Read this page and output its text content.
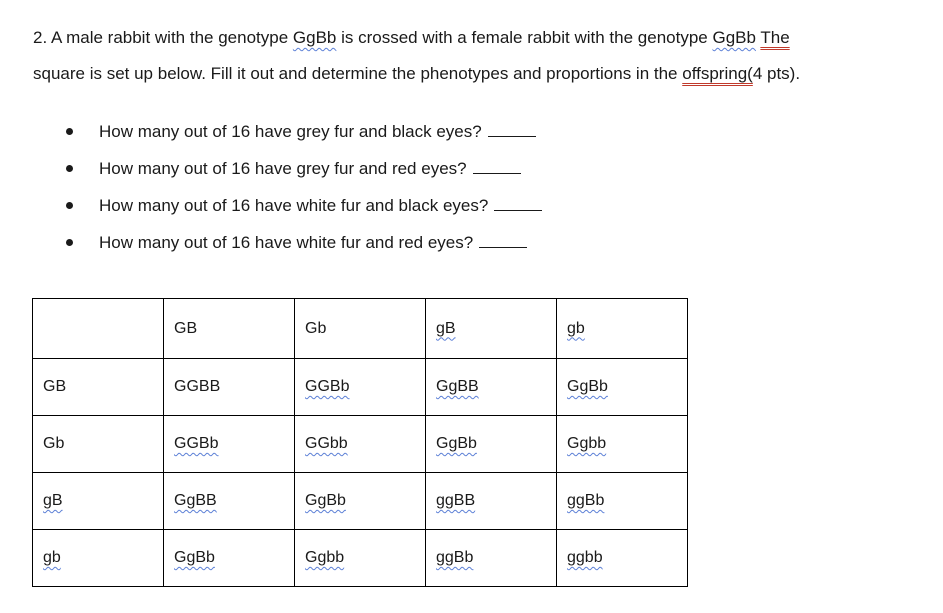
2. A male rabbit with the genotype GgBb is crossed with a female rabbit with the genotype GgBb The

square is set up below. Fill it out and determine the phenotypes and proportions in the offspring(4 pts).

How many out of 16 have grey fur and black eyes?
How many out of 16 have grey fur and red eyes?
How many out of 16 have white fur and black eyes?
How many out of 16 have white fur and red eyes?
	GB	Gb	gB	gb
GB	GGBB	GGBb	GgBB	GgBb
Gb	GGBb	GGbb	GgBb	Ggbb
gB	GgBB	GgBb	ggBB	ggBb
gb	GgBb	Ggbb	ggBb	ggbb
